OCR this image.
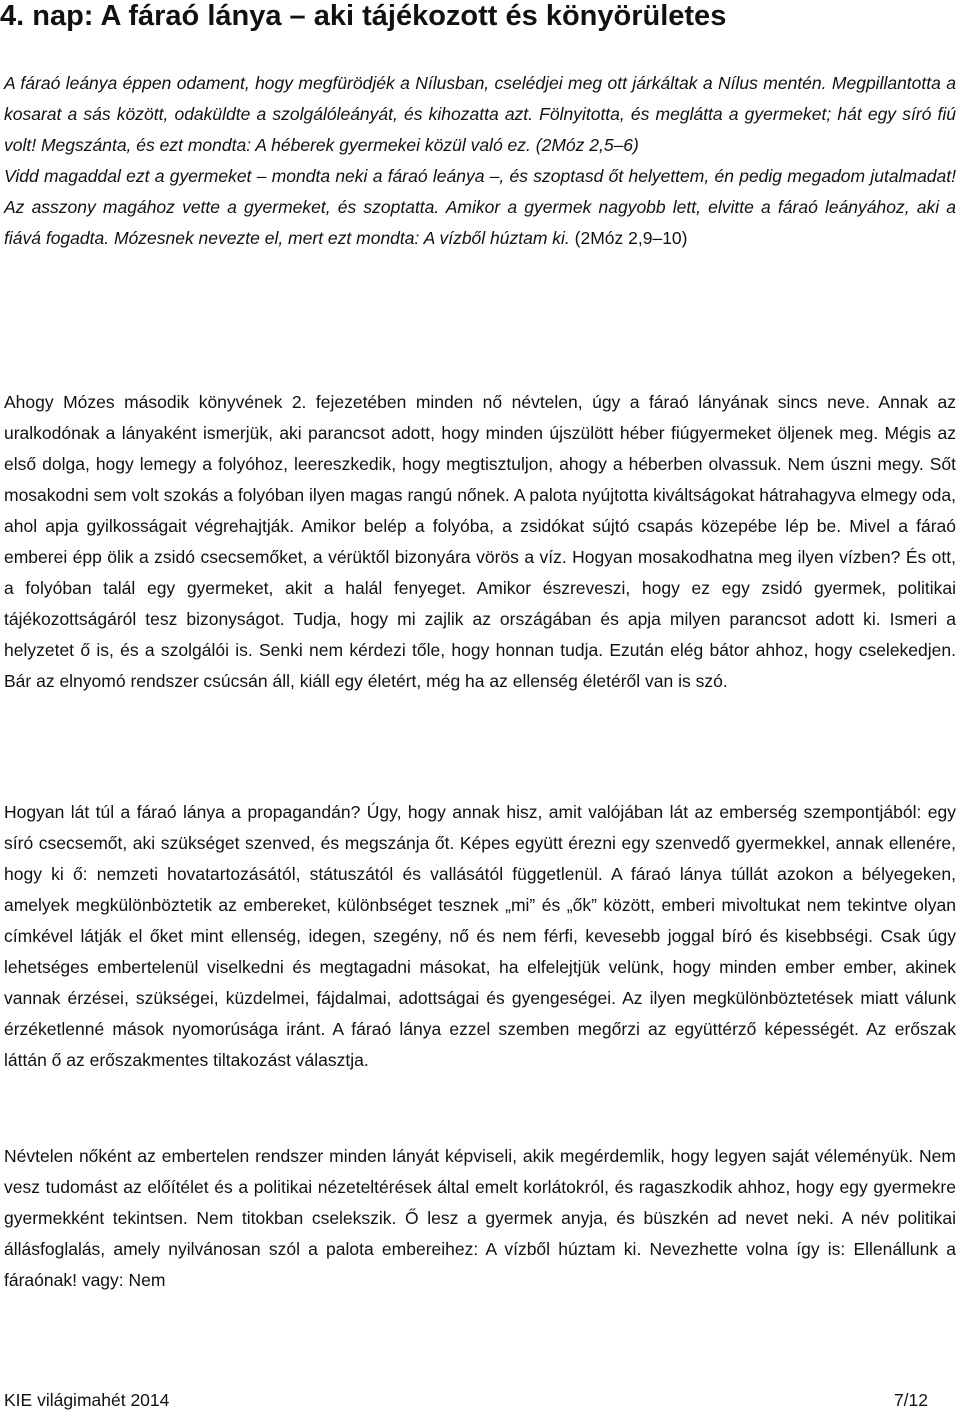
4. nap: A fáraó lánya – aki tájékozott és könyörületes

A fáraó leánya éppen odament, hogy megfürödjék a Nílusban, cselédjei meg ott járkáltak a Nílus mentén. Megpillantotta a kosarat a sás között, odaküldte a szolgálóleányát, és kihozatta azt. Fölnyitotta, és meglátta a gyermeket; hát egy síró fiú volt! Megszánta, és ezt mondta: A héberek gyermekei közül való ez. (2Móz 2,5–6)

Vidd magaddal ezt a gyermeket – mondta neki a fáraó leánya –, és szoptasd őt helyettem, én pedig megadom jutalmadat! Az asszony magához vette a gyermeket, és szoptatta. Amikor a gyermek nagyobb lett, elvitte a fáraó leányához, aki a fiává fogadta. Mózesnek nevezte el, mert ezt mondta: A vízből húztam ki. (2Móz 2,9–10)

Ahogy Mózes második könyvének 2. fejezetében minden nő névtelen, úgy a fáraó lányának sincs neve. Annak az uralkodónak a lányaként ismerjük, aki parancsot adott, hogy minden újszülött héber fiúgyermeket öljenek meg. Mégis az első dolga, hogy lemegy a folyóhoz, leereszkedik, hogy megtisztuljon, ahogy a héberben olvassuk. Nem úszni megy. Sőt mosakodni sem volt szokás a folyóban ilyen magas rangú nőnek. A palota nyújtotta kiváltságokat hátrahagyva elmegy oda, ahol apja gyilkosságait végrehajtják. Amikor belép a folyóba, a zsidókat sújtó csapás közepébe lép be. Mivel a fáraó emberei épp ölik a zsidó csecsemőket, a vérüktől bizonyára vörös a víz. Hogyan mosakodhatna meg ilyen vízben? És ott, a folyóban talál egy gyermeket, akit a halál fenyeget. Amikor észreveszi, hogy ez egy zsidó gyermek, politikai tájékozottságáról tesz bizonyságot. Tudja, hogy mi zajlik az országában és apja milyen parancsot adott ki. Ismeri a helyzetet ő is, és a szolgálói is. Senki nem kérdezi tőle, hogy honnan tudja. Ezután elég bátor ahhoz, hogy cselekedjen. Bár az elnyomó rendszer csúcsán áll, kiáll egy életért, még ha az ellenség életéről van is szó.

Hogyan lát túl a fáraó lánya a propagandán? Úgy, hogy annak hisz, amit valójában lát az emberség szempontjából: egy síró csecsemőt, aki szükséget szenved, és megszánja őt. Képes együtt érezni egy szenvedő gyermekkel, annak ellenére, hogy ki ő: nemzeti hovatartozásától, státuszától és vallásától függetlenül. A fáraó lánya túllát azokon a bélyegeken, amelyek megkülönböztetik az embereket, különbséget tesznek „mi” és „ők” között, emberi mivoltukat nem tekintve olyan címkével látják el őket mint ellenség, idegen, szegény, nő és nem férfi, kevesebb joggal bíró és kisebbségi. Csak úgy lehetséges embertelenül viselkedni és megtagadni másokat, ha elfelejtjük velünk, hogy minden ember ember, akinek vannak érzései, szükségei, küzdelmei, fájdalmai, adottságai és gyengeségei. Az ilyen megkülönböztetések miatt válunk érzéketlenné mások nyomorúsága iránt. A fáraó lánya ezzel szemben megőrzi az együttérző képességét. Az erőszak láttán ő az erőszakmentes tiltakozást választja.

Névtelen nőként az embertelen rendszer minden lányát képviseli, akik megérdemlik, hogy legyen saját véleményük. Nem vesz tudomást az előítélet és a politikai nézeteltérések által emelt korlátokról, és ragaszkodik ahhoz, hogy egy gyermekre gyermekként tekintsen. Nem titokban cselekszik. Ő lesz a gyermek anyja, és büszkén ad nevet neki. A név politikai állásfoglalás, amely nyilvánosan szól a palota embereihez: A vízből húztam ki. Nevezhette volna így is: Ellenállunk a fáraónak! vagy: Nem

KIE világimahét 2014	7/12
